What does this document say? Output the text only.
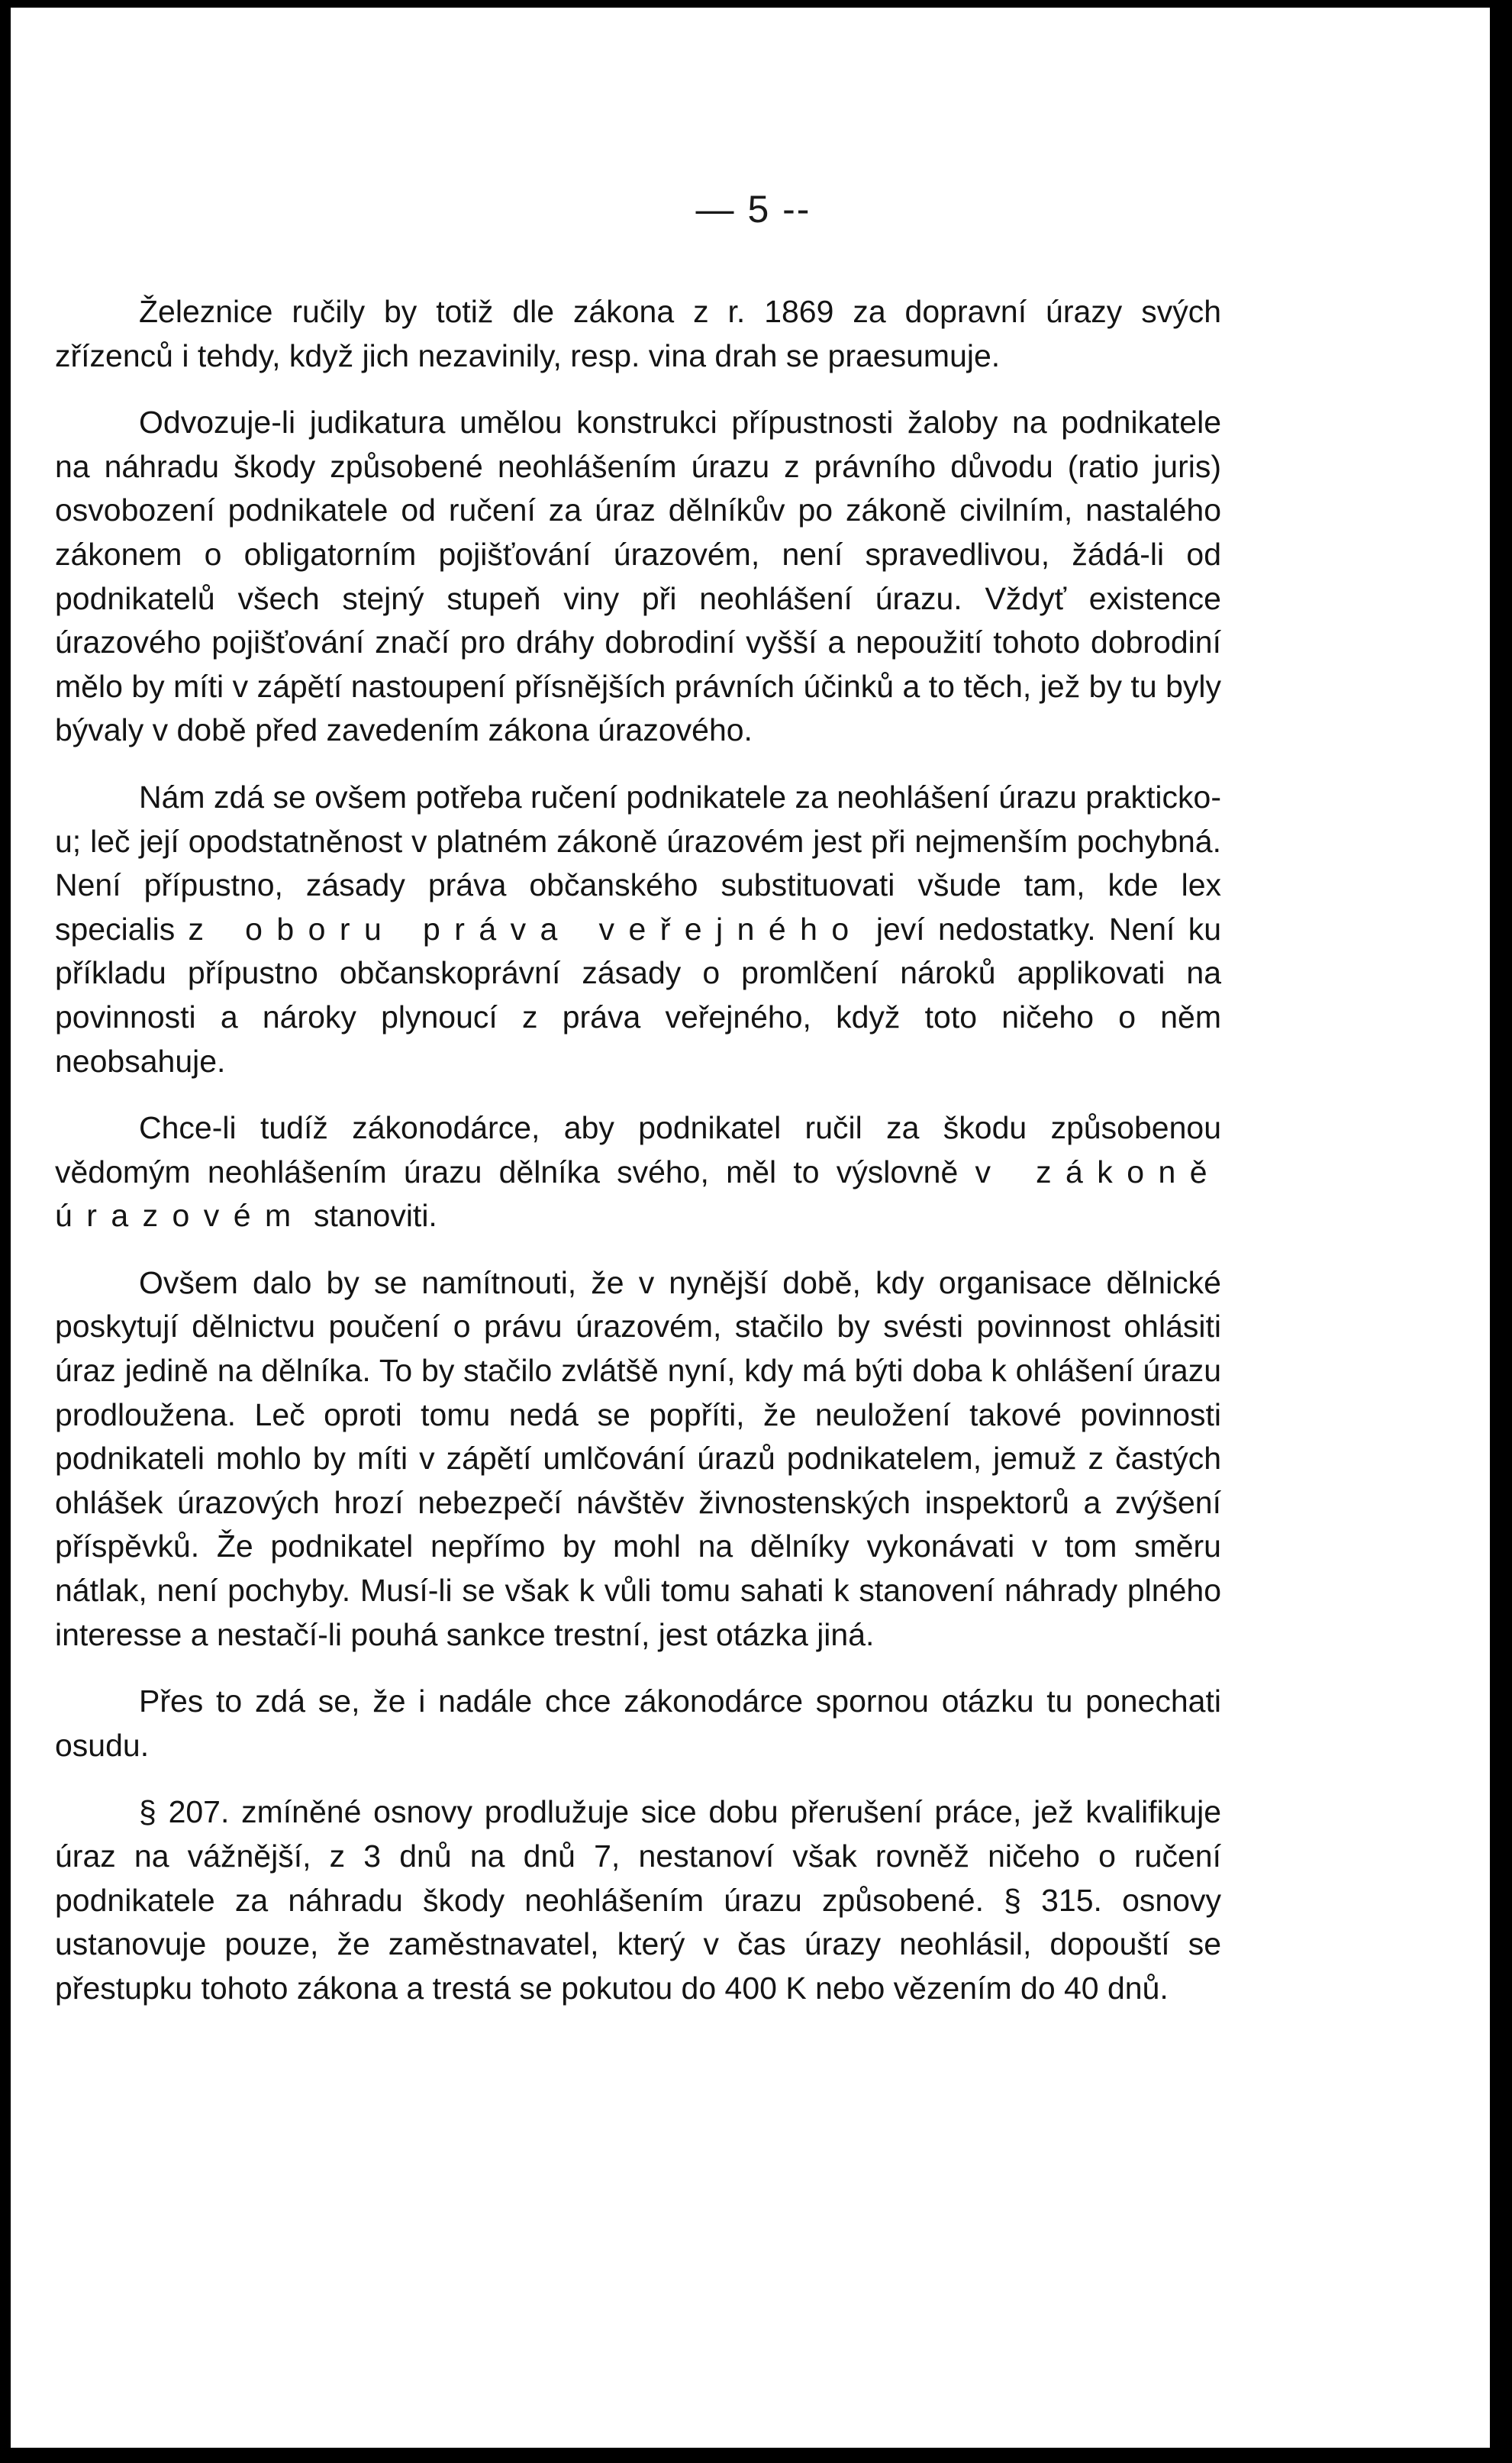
— 5 --

Železnice ručily by totiž dle zákona z r. 1869 za dopravní úrazy svých zřízenců i tehdy, když jich nezavinily, resp. vina drah se praesumuje.

Odvozuje-li judikatura umělou konstrukci přípustnosti žaloby na podnikatele na náhradu škody způsobené neohlášením úrazu z právního důvodu (ratio juris) osvobození podnikatele od ručení za úraz dělníkův po zákoně civilním, nastalého zákonem o obligatorním pojišťování úrazovém, není spravedlivou, žádá-li od podnikatelů všech stejný stupeň viny při neohlášení úrazu. Vždyť existence úrazového pojišťování značí pro dráhy dobrodiní vyšší a nepoužití tohoto dobrodiní mělo by míti v zápětí nastoupení přísnějších právních účinků a to těch, jež by tu byly bývaly v době před zavedením zákona úrazového.

Nám zdá se ovšem potřeba ručení podnikatele za neohlášení úrazu praktickou; leč její opodstatněnost v platném zákoně úrazovém jest při nejmenším pochybná. Není přípustno, zásady práva občanského substituovati všude tam, kde lex specialis z oboru práva veřejného jeví nedostatky. Není ku příkladu přípustno občanskoprávní zásady o promlčení nároků applikovati na povinnosti a nároky plynoucí z práva veřejného, když toto ničeho o něm neobsahuje.

Chce-li tudíž zákonodárce, aby podnikatel ručil za škodu způsobenou vědomým neohlášením úrazu dělníka svého, měl to výslovně v zákoně úrazovém stanoviti.

Ovšem dalo by se namítnouti, že v nynější době, kdy organisace dělnické poskytují dělnictvu poučení o právu úrazovém, stačilo by svésti povinnost ohlásiti úraz jedině na dělníka. To by stačilo zvlátšě nyní, kdy má býti doba k ohlášení úrazu prodloužena. Leč oproti tomu nedá se popříti, že neuložení takové povinnosti podnikateli mohlo by míti v zápětí umlčování úrazů podnikatelem, jemuž z častých ohlášek úrazových hrozí nebezpečí návštěv živnostenských inspektorů a zvýšení příspěvků. Že podnikatel nepřímo by mohl na dělníky vykonávati v tom směru nátlak, není pochyby. Musí-li se však k vůli tomu sahati k stanovení náhrady plného interesse a nestačí-li pouhá sankce trestní, jest otázka jiná.

Přes to zdá se, že i nadále chce zákonodárce spornou otázku tu ponechati osudu.

§ 207. zmíněné osnovy prodlužuje sice dobu přerušení práce, jež kvalifikuje úraz na vážnější, z 3 dnů na dnů 7, nestanoví však rovněž ničeho o ručení podnikatele za náhradu škody neohlášením úrazu způsobené. § 315. osnovy ustanovuje pouze, že zaměstnavatel, který v čas úrazy neohlásil, dopouští se přestupku tohoto zákona a trestá se pokutou do 400 K nebo vězením do 40 dnů.
